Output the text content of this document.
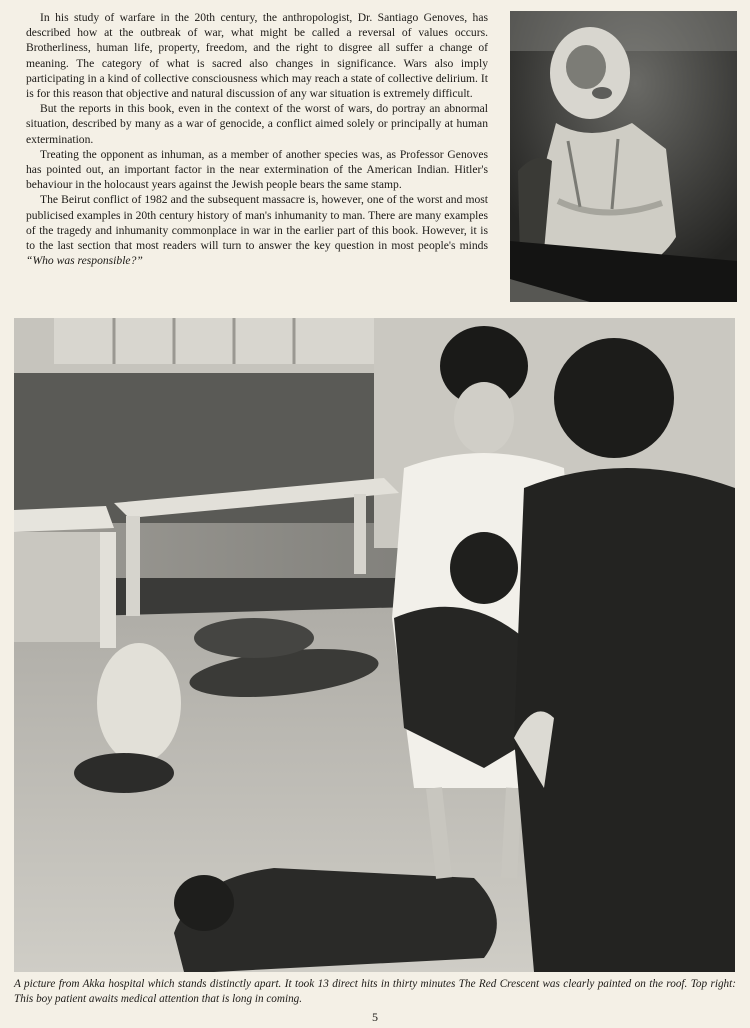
In his study of warfare in the 20th century, the anthropologist, Dr. Santiago Genoves, has described how at the outbreak of war, what might be called a reversal of values occurs. Brotherliness, human life, property, freedom, and the right to disgree all suffer a change of meaning. The category of what is sacred also changes in significance. Wars also imply participating in a kind of collective consciousness which may reach a state of collective delirium. It is for this reason that objective and natural discussion of any war situation is extremely difficult.

But the reports in this book, even in the context of the worst of wars, do portray an abnormal situation, described by many as a war of genocide, a conflict aimed solely or principally at human extermination.

Treating the opponent as inhuman, as a member of another species was, as Professor Genoves has pointed out, an important factor in the near extermination of the American Indian. Hitler's behaviour in the holocaust years against the Jewish people bears the same stamp.

The Beirut conflict of 1982 and the subsequent massacre is, however, one of the worst and most publicised examples in 20th century history of man's inhumanity to man. There are many examples of the tragedy and inhumanity commonplace in war in the earlier part of this book. However, it is to the last section that most readers will turn to answer the key question in most people's minds “Who was responsible?”

A picture from Akka hospital which stands distinctly apart. It took 13 direct hits in thirty minutes The Red Crescent was clearly painted on the roof. Top right: This boy patient awaits medical attention that is long in coming.
5
